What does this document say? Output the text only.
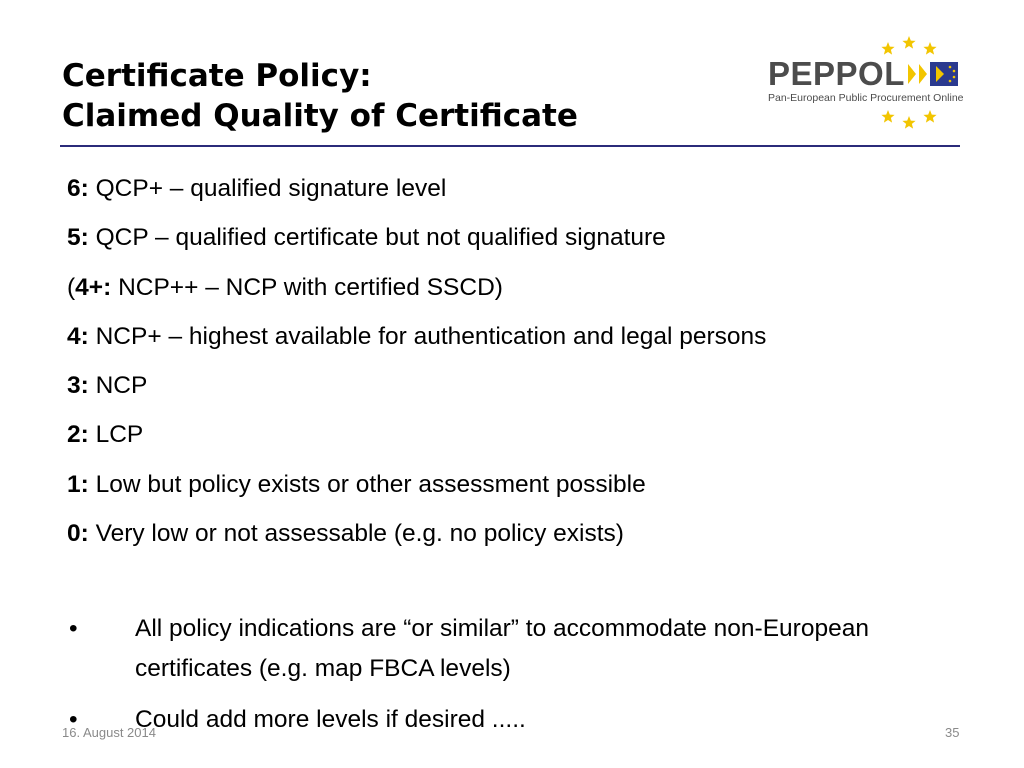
Certificate Policy:
Claimed Quality of Certificate
PEPPOL
Pan-European Public Procurement Online
6: QCP+ – qualified signature level
5: QCP – qualified certificate but not qualified signature
(4+: NCP++ – NCP with certified SSCD)
4: NCP+ – highest available for authentication and legal persons
3: NCP
2: LCP
1: Low but policy exists or other assessment possible
0: Very low or not assessable (e.g. no policy exists)
• All policy indications are “or similar” to accommodate non-European certificates (e.g. map FBCA levels)
• Could add more levels if desired .....
16. August 2014	35
